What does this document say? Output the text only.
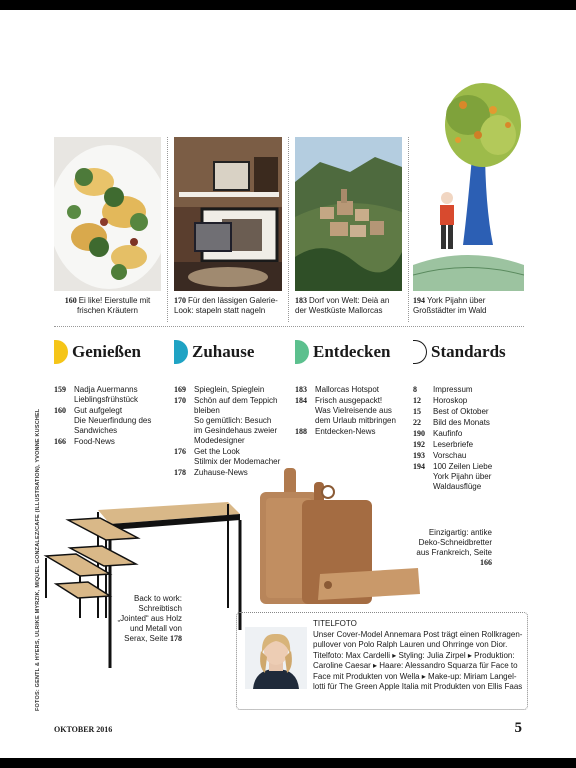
160 Ei like! Eierstulle mit frischen Kräutern
170 Für den lässigen Galerie-Look: stapeln statt nageln
183 Dorf von Welt: Deià an der Westküste Mallorcas
194 York Pijahn über Großstädter im Wald
Genießen	Zuhause	Entdecken Standards
159	Nadja Auermanns Lieblingsfrühstück
160	Gut aufgelegt
Die Neuerfindung des Sandwiches
166	Food-News
169	Spieglein, Spieglein
170	Schön auf dem Teppich bleiben
So gemütlich: Besuch im Gesindehaus zweier Modedesigner
176	Get the Look
Stilmix der Modemacher
178	Zuhause-News
183	Mallorcas Hotspot
184	Frisch ausgepackt!
Was Vielreisende aus dem Urlaub mitbringen
188	Entdecken-News
8	Impressum
12	Horoskop
15	Best of Oktober
22	Bild des Monats
190	Kaufinfo
192	Leserbriefe
193	Vorschau
194	100 Zeilen Liebe
York Pijahn über Waldausflüge
FOTOS: GENTL & HYERS, ULRIKE MYRZIK, MIQUEL GONZALEZ/CAFE (ILLUSTRATION), YVONNE KUSCHEL	Back to work: Schreibtisch „Jointed“ aus Holz und Metall von Serax, Seite 178
Einzigartig: antike Deko-Schneidbretter aus Frankreich, Seite 166
TITELFOTO
Unser Cover-Model Annemara Post trägt einen Rollkragenpullover von Polo Ralph Lauren und Ohrringe von Dior. Titelfoto: Max Cardelli ▸ Styling: Julia Zirpel ▸ Produktion: Caroline Caesar ▸ Haare: Alessandro Squarza für Face to Face mit Produkten von Wella ▸ Make-up: Miriam Langellotti für The Green Apple Italia mit Produkten von Ellis Faas
OKTOBER 2016	5
